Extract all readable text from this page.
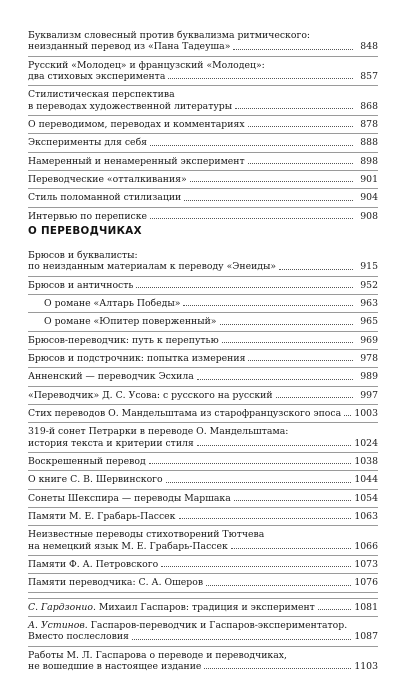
Буквализм словесный против буквализма ритмического:
неизданный перевод из «Пана Тадеуша»	848
Русский «Молодец» и французский «Молодец»:
два стиховых эксперимента	857
Стилистическая перспектива
в переводах художественной литературы	868
О переводимом, переводах и комментариях	878
Эксперименты для себя	888
Намеренный и ненамеренный эксперимент	898
Переводческие «отталкивания»	901
Стиль поломанной стилизации	904
Интервью по переписке	908
О ПЕРЕВОДЧИКАХ
Брюсов и буквалисты:
по неизданным материалам к переводу «Энеиды»	915
Брюсов и античность	952
О романе «Алтарь Победы»	963
О романе «Юпитер поверженный»	965
Брюсов-переводчик: путь к перепутью	969
Брюсов и подстрочник: попытка измерения	978
Анненский — переводчик Эсхила	989
«Переводчик» Д. С. Усова: с русского на русский	997
Стих переводов О. Мандельштама из старофранцузского эпоса 1003
319-й сонет Петрарки в переводе О. Мандельштама:
история текста и критерии стиля	1024
Воскрешенный перевод	1038
О книге С. В. Шервинского	1044
Сонеты Шекспира — переводы Маршака	1054
Памяти М. Е. Грабарь-Пассек	1063
Неизвестные переводы стихотворений Тютчева
на немецкий язык М. Е. Грабарь-Пассек	1066
Памяти Ф. А. Петровского	1073
Памяти переводчика: С. А. Ошеров	1076
С. Гардзонио. Михаил Гаспаров: традиция и эксперимент	1081
А. Устинов. Гаспаров-переводчик и Гаспаров-экспериментатор.
Вместо послесловия	1087
Работы М. Л. Гаспарова о переводе и переводчиках,
не вошедшие в настоящее издание	1103
